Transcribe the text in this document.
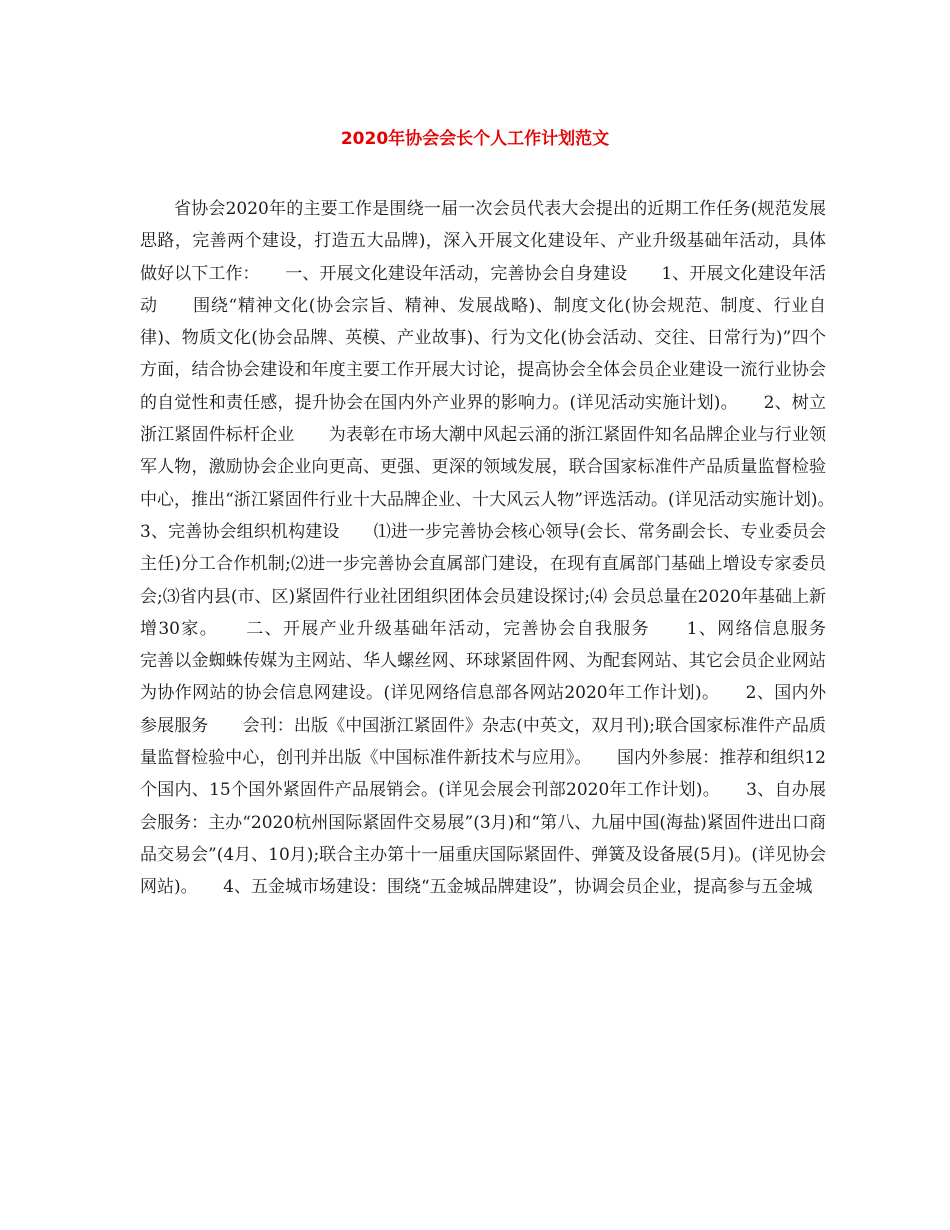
2020年协会会长个人工作计划范文

省协会2020年的主要工作是围绕一届一次会员代表大会提出的近期工作任务(规范发展思路，完善两个建设，打造五大品牌)，深入开展文化建设年、产业升级基础年活动，具体做好以下工作：　　一、开展文化建设年活动，完善协会自身建设　　1、开展文化建设年活动　　围绕“精神文化(协会宗旨、精神、发展战略)、制度文化(协会规范、制度、行业自律)、物质文化(协会品牌、英模、产业故事)、行为文化(协会活动、交往、日常行为)”四个方面，结合协会建设和年度主要工作开展大讨论，提高协会全体会员企业建设一流行业协会的自觉性和责任感，提升协会在国内外产业界的影响力。(详见活动实施计划)。　　2、树立浙江紧固件标杆企业　　为表彰在市场大潮中风起云涌的浙江紧固件知名品牌企业与行业领军人物，激励协会企业向更高、更强、更深的领域发展，联合国家标准件产品质量监督检验中心，推出“浙江紧固件行业十大品牌企业、十大风云人物”评选活动。(详见活动实施计划)。　　3、完善协会组织机构建设　　⑴进一步完善协会核心领导(会长、常务副会长、专业委员会主任)分工合作机制;⑵进一步完善协会直属部门建设，在现有直属部门基础上增设专家委员会;⑶省内县(市、区)紧固件行业社团组织团体会员建设探讨;⑷ 会员总量在2020年基础上新增30家。　　二、开展产业升级基础年活动，完善协会自我服务　　1、网络信息服务　　完善以金蜘蛛传媒为主网站、华人螺丝网、环球紧固件网、为配套网站、其它会员企业网站为协作网站的协会信息网建设。(详见网络信息部各网站2020年工作计划)。　　2、国内外参展服务　　会刊：出版《中国浙江紧固件》杂志(中英文，双月刊);联合国家标准件产品质量监督检验中心，创刊并出版《中国标准件新技术与应用》。　　国内外参展：推荐和组织12个国内、15个国外紧固件产品展销会。(详见会展会刊部2020年工作计划)。　　3、自办展会服务：主办“2020杭州国际紧固件交易展”(3月)和“第八、九届中国(海盐)紧固件进出口商品交易会”(4月、10月);联合主办第十一届重庆国际紧固件、弹簧及设备展(5月)。(详见协会网站)。　　4、五金城市场建设：围绕“五金城品牌建设”，协调会员企业，提高参与五金城
